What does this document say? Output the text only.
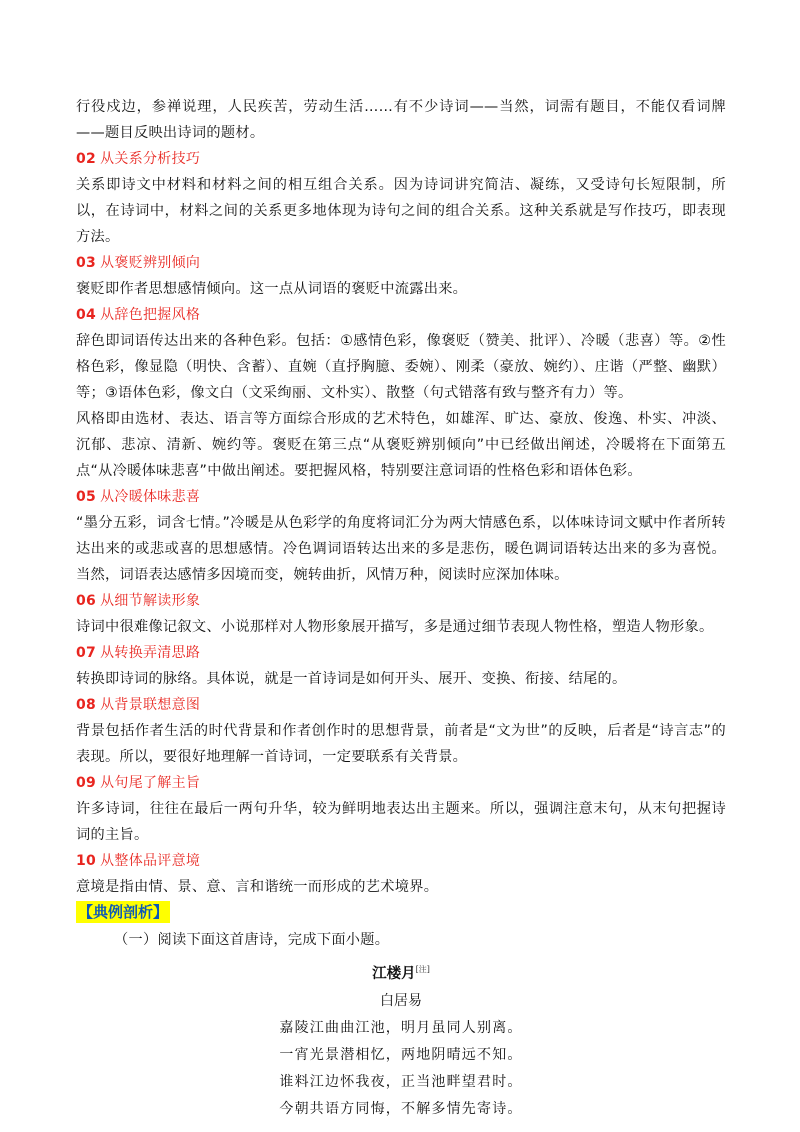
行役戍边，参禅说理，人民疾苦，劳动生活……有不少诗词——当然，词需有题目，不能仅看词牌——题目反映出诗词的题材。

02 从关系分析技巧

关系即诗文中材料和材料之间的相互组合关系。因为诗词讲究简洁、凝练，又受诗句长短限制，所以，在诗词中，材料之间的关系更多地体现为诗句之间的组合关系。这种关系就是写作技巧，即表现方法。

03 从褒贬辨别倾向

褒贬即作者思想感情倾向。这一点从词语的褒贬中流露出来。

04 从辞色把握风格

辞色即词语传达出来的各种色彩。包括：①感情色彩，像褒贬（赞美、批评）、冷暖（悲喜）等。②性格色彩，像显隐（明快、含蓄）、直婉（直抒胸臆、委婉）、刚柔（豪放、婉约）、庄谐（严整、幽默）等；③语体色彩，像文白（文采绚丽、文朴实）、散整（句式错落有致与整齐有力）等。

风格即由选材、表达、语言等方面综合形成的艺术特色，如雄浑、旷达、豪放、俊逸、朴实、冲淡、沉郁、悲凉、清新、婉约等。褒贬在第三点“从褒贬辨别倾向”中已经做出阐述，冷暖将在下面第五点“从冷暖体味悲喜”中做出阐述。要把握风格，特别要注意词语的性格色彩和语体色彩。

05 从冷暖体味悲喜

“墨分五彩，词含七情。”冷暖是从色彩学的角度将词汇分为两大情感色系，以体味诗词文赋中作者所转达出来的或悲或喜的思想感情。冷色调词语转达出来的多是悲伤，暖色调词语转达出来的多为喜悦。当然，词语表达感情多因境而变，婉转曲折，风情万种，阅读时应深加体味。

06 从细节解读形象

诗词中很难像记叙文、小说那样对人物形象展开描写，多是通过细节表现人物性格，塑造人物形象。

07 从转换弄清思路

转换即诗词的脉络。具体说，就是一首诗词是如何开头、展开、变换、衔接、结尾的。

08 从背景联想意图

背景包括作者生活的时代背景和作者创作时的思想背景，前者是“文为世”的反映，后者是“诗言志”的表现。所以，要很好地理解一首诗词，一定要联系有关背景。

09 从句尾了解主旨

许多诗词，往往在最后一两句升华，较为鲜明地表达出主题来。所以，强调注意末句，从末句把握诗词的主旨。

10 从整体品评意境

意境是指由情、景、意、言和谐统一而形成的艺术境界。

【典例剖析】

（一）阅读下面这首唐诗，完成下面小题。

江楼月[注]
白居易
嘉陵江曲曲江池，明月虽同人别离。
一宵光景潜相忆，两地阴晴远不知。
谁料江边怀我夜，正当池畔望君时。
今朝共语方同悔，不解多情先寄诗。
